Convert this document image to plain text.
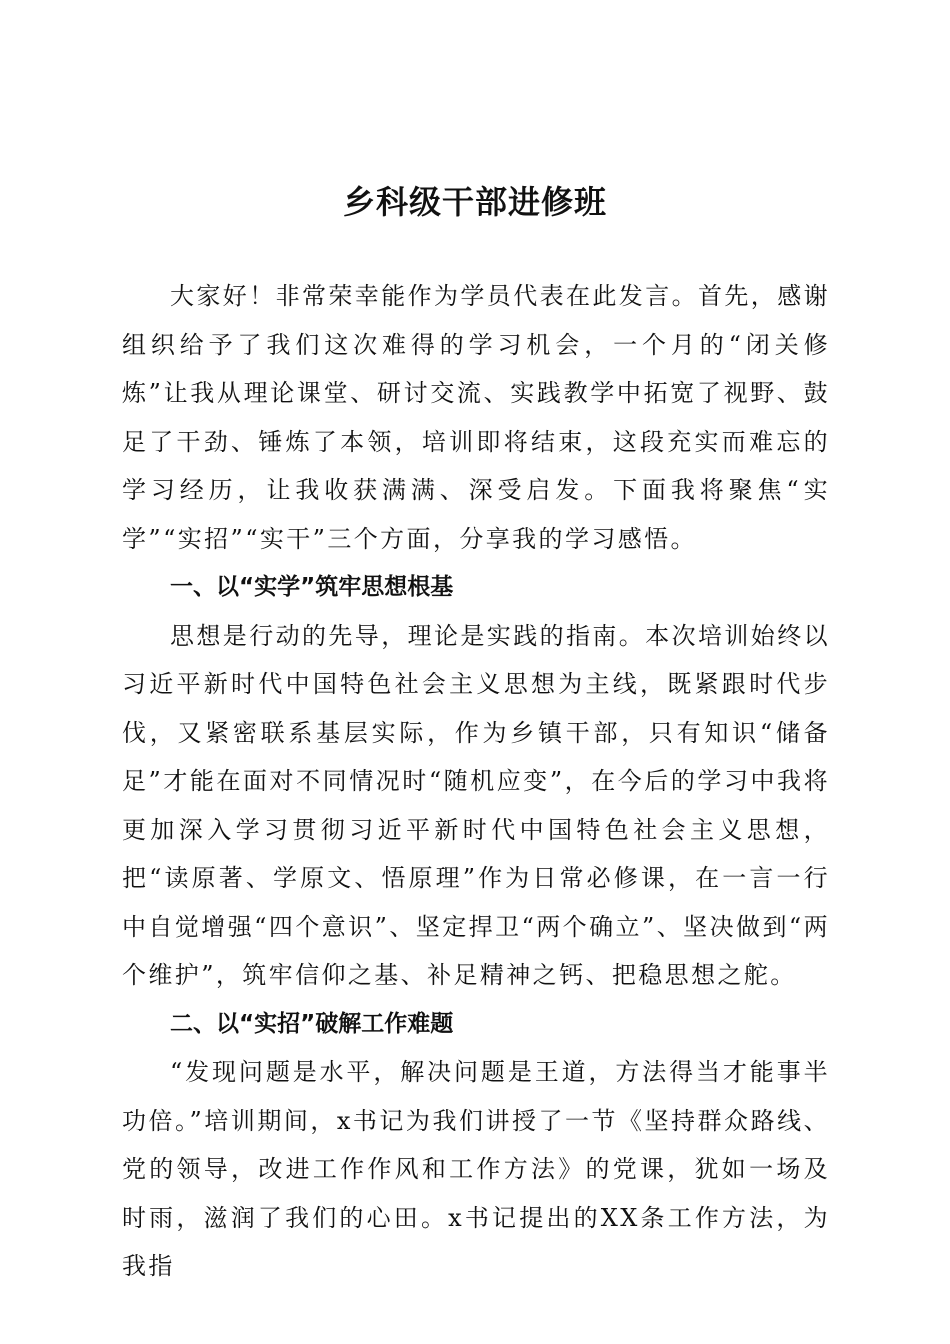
乡科级干部进修班

大家好！非常荣幸能作为学员代表在此发言。首先，感谢组织给予了我们这次难得的学习机会，一个月的“闭关修炼”让我从理论课堂、研讨交流、实践教学中拓宽了视野、鼓足了干劲、锤炼了本领，培训即将结束，这段充实而难忘的学习经历，让我收获满满、深受启发。下面我将聚焦“实学”“实招”“实干”三个方面，分享我的学习感悟。

一、以“实学”筑牢思想根基

思想是行动的先导，理论是实践的指南。本次培训始终以习近平新时代中国特色社会主义思想为主线，既紧跟时代步伐，又紧密联系基层实际，作为乡镇干部，只有知识“储备足”才能在面对不同情况时“随机应变”，在今后的学习中我将更加深入学习贯彻习近平新时代中国特色社会主义思想，把“读原著、学原文、悟原理”作为日常必修课，在一言一行中自觉增强“四个意识”、坚定捍卫“两个确立”、坚决做到“两个维护”，筑牢信仰之基、补足精神之钙、把稳思想之舵。

二、以“实招”破解工作难题

“发现问题是水平，解决问题是王道，方法得当才能事半功倍。”培训期间，x书记为我们讲授了一节《坚持群众路线、党的领导，改进工作作风和工作方法》的党课，犹如一场及时雨，滋润了我们的心田。x书记提出的XX条工作方法，为我指
